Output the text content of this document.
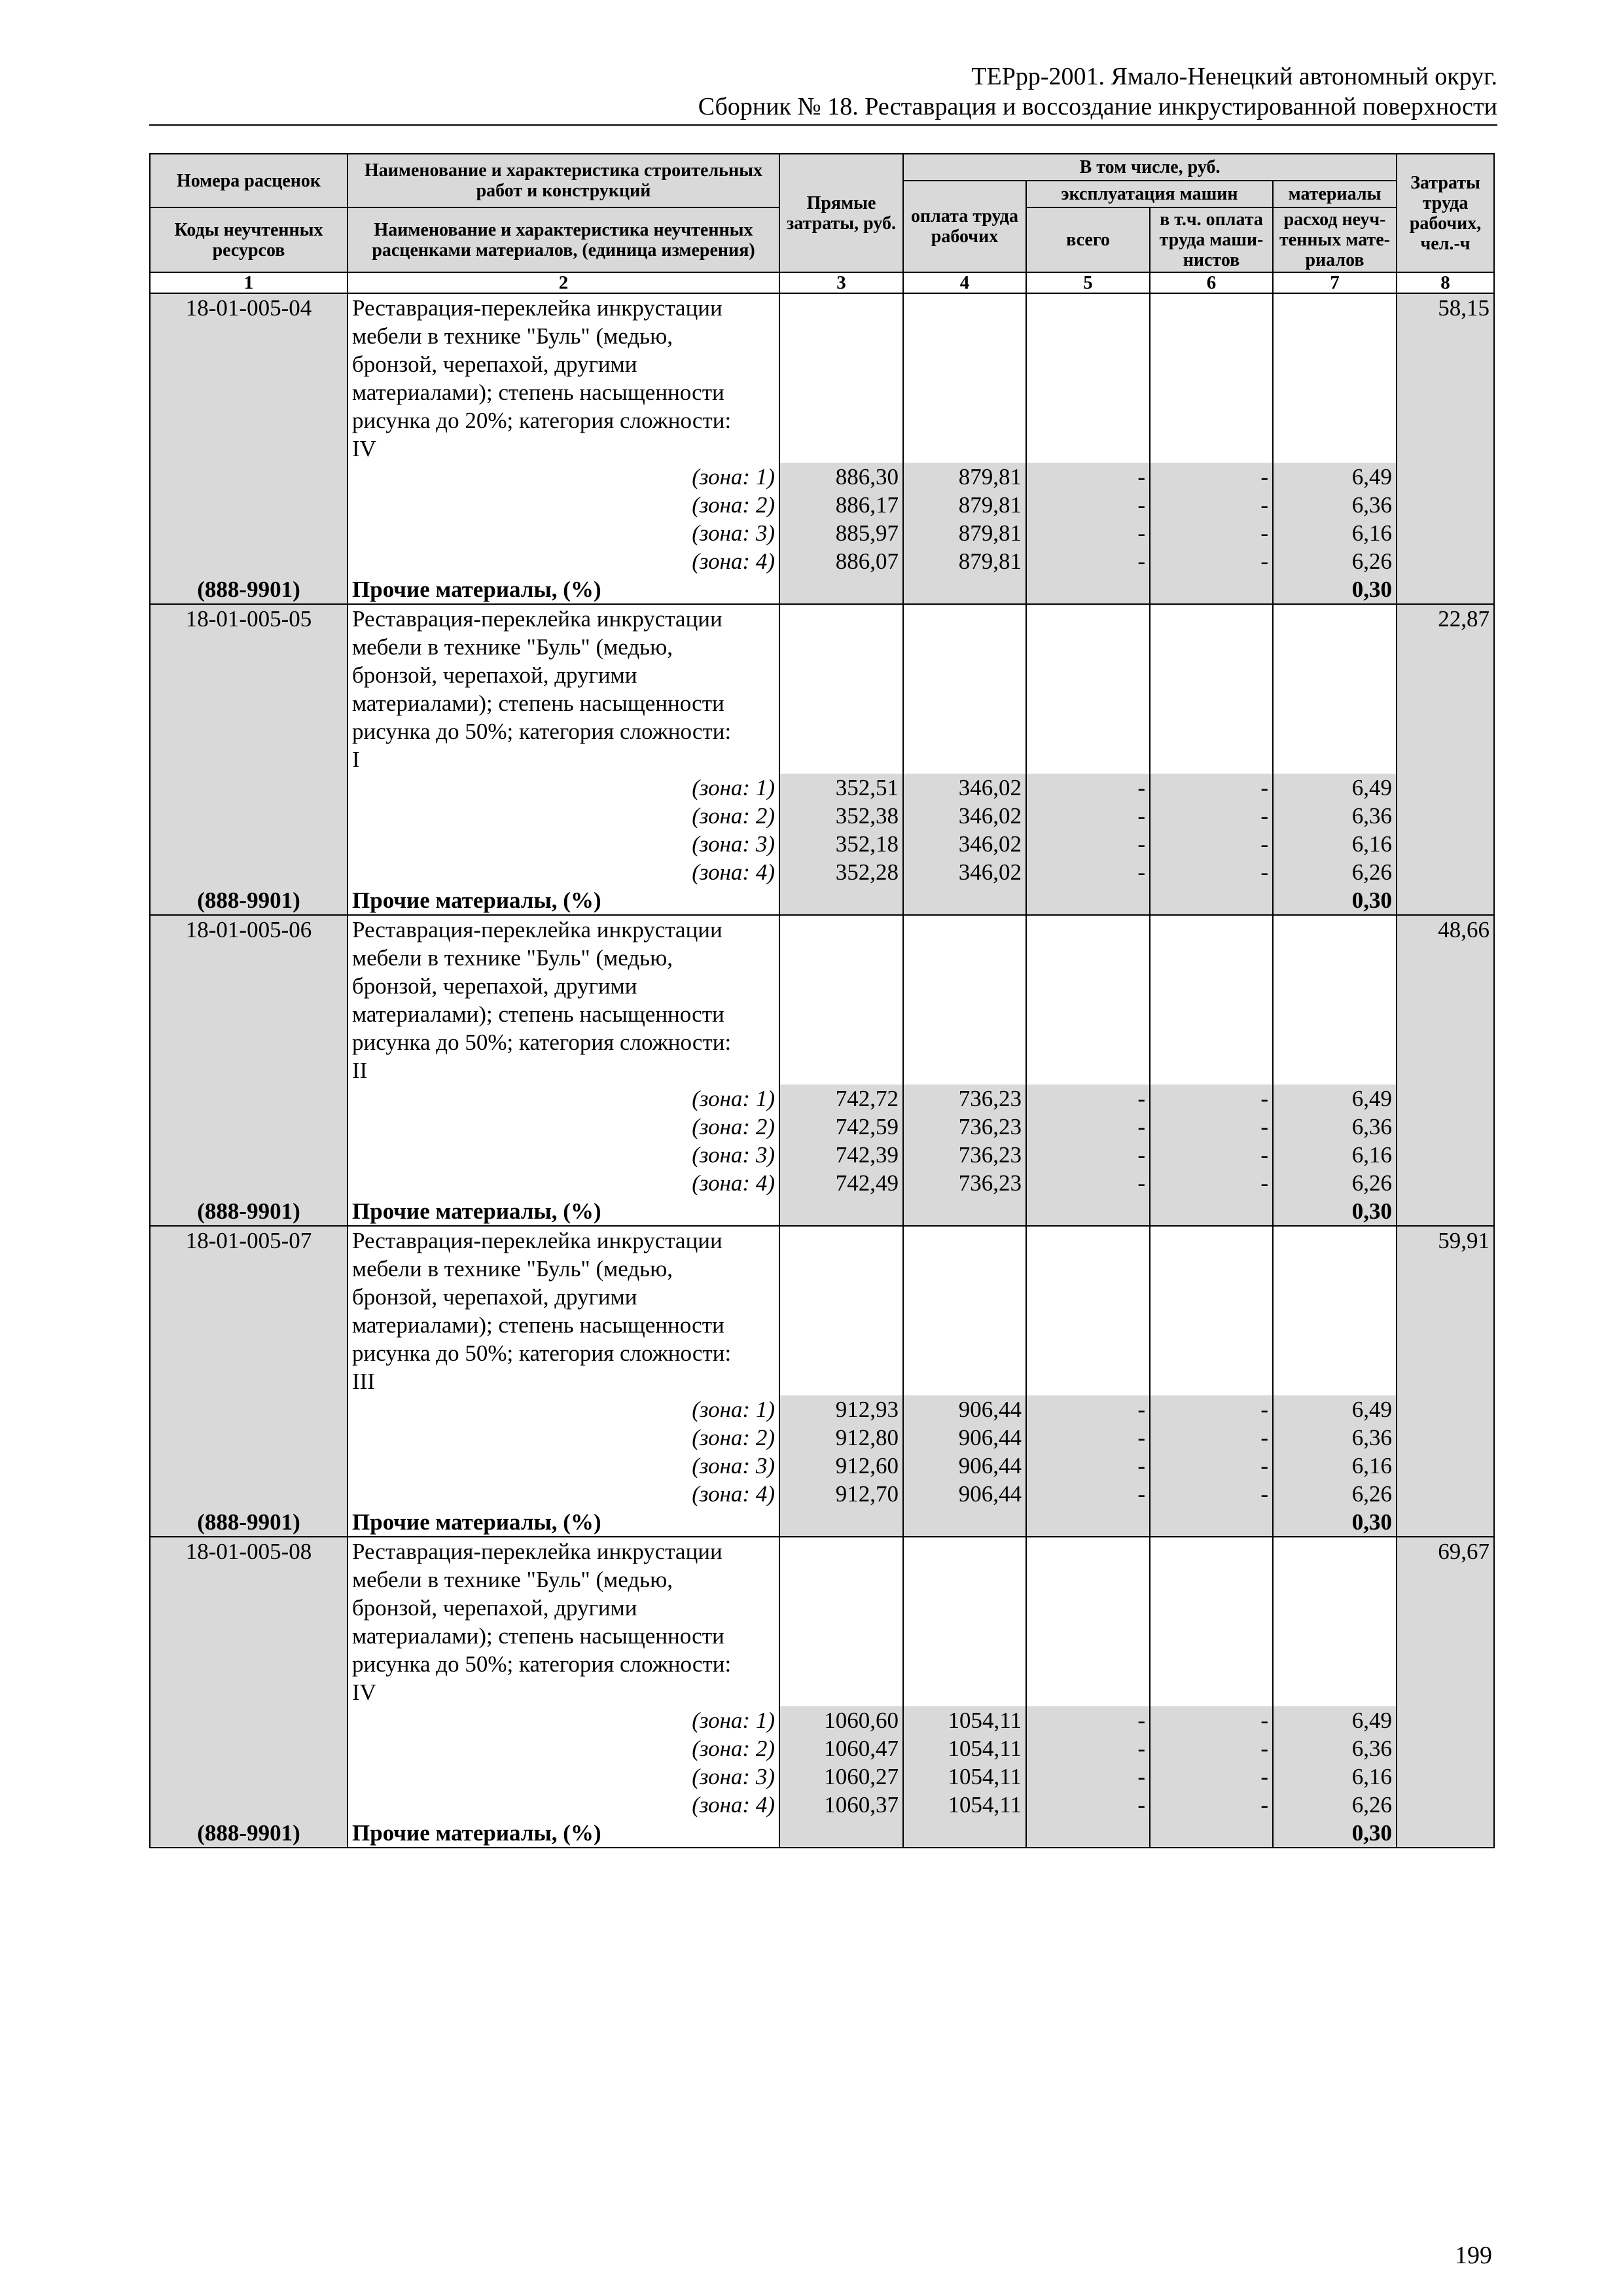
ТЕРрр-2001. Ямало-Ненецкий автономный округ.
Сборник № 18. Реставрация и воссоздание инкрустированной поверхности
Номера расценок	Наименование и характеристика строительных работ и конструкций	Прямые затраты, руб.	В том числе, руб.				Затраты труда рабочих, чел.-ч
			оплата труда рабочих	эксплуатация машин		материалы	
Коды неучтенных ресурсов	Наименование и характеристика неучтенных расценками материалов, (единица измерения)			всего	в т.ч. оплата труда маши-нистов	расход неуч-тенных мате-риалов	

1	2	3	4	5	6	7	8
18-01-005-04	Реставрация-переклейка инкрустации						58,15
	мебели в технике "Буль" (медью,						
	бронзой, черепахой, другими						
	материалами); степень насыщенности						
	рисунка до 20%; категория сложности:						
	IV						
	(зона: 1)	886,30	879,81	-	-	6,49	
	(зона: 2)	886,17	879,81	-	-	6,36	
	(зона: 3)	885,97	879,81	-	-	6,16	
	(зона: 4)	886,07	879,81	-	-	6,26	
(888-9901)	Прочие материалы, (%)					0,30	
18-01-005-05	Реставрация-переклейка инкрустации						22,87
	мебели в технике "Буль" (медью,						
	бронзой, черепахой, другими						
	материалами); степень насыщенности						
	рисунка до 50%; категория сложности:						
	I						
	(зона: 1)	352,51	346,02	-	-	6,49	
	(зона: 2)	352,38	346,02	-	-	6,36	
	(зона: 3)	352,18	346,02	-	-	6,16	
	(зона: 4)	352,28	346,02	-	-	6,26	
(888-9901)	Прочие материалы, (%)					0,30	
18-01-005-06	Реставрация-переклейка инкрустации						48,66
	мебели в технике "Буль" (медью,						
	бронзой, черепахой, другими						
	материалами); степень насыщенности						
	рисунка до 50%; категория сложности:						
	II						
	(зона: 1)	742,72	736,23	-	-	6,49	
	(зона: 2)	742,59	736,23	-	-	6,36	
	(зона: 3)	742,39	736,23	-	-	6,16	
	(зона: 4)	742,49	736,23	-	-	6,26	
(888-9901)	Прочие материалы, (%)					0,30	
18-01-005-07	Реставрация-переклейка инкрустации						59,91
	мебели в технике "Буль" (медью,						
	бронзой, черепахой, другими						
	материалами); степень насыщенности						
	рисунка до 50%; категория сложности:						
	III						
	(зона: 1)	912,93	906,44	-	-	6,49	
	(зона: 2)	912,80	906,44	-	-	6,36	
	(зона: 3)	912,60	906,44	-	-	6,16	
	(зона: 4)	912,70	906,44	-	-	6,26	
(888-9901)	Прочие материалы, (%)					0,30	
18-01-005-08	Реставрация-переклейка инкрустации						69,67
	мебели в технике "Буль" (медью,						
	бронзой, черепахой, другими						
	материалами); степень насыщенности						
	рисунка до 50%; категория сложности:						
	IV						
	(зона: 1)	1060,60	1054,11	-	-	6,49	
	(зона: 2)	1060,47	1054,11	-	-	6,36	
	(зона: 3)	1060,27	1054,11	-	-	6,16	
	(зона: 4)	1060,37	1054,11	-	-	6,26	
(888-9901)	Прочие материалы, (%)					0,30	
199
